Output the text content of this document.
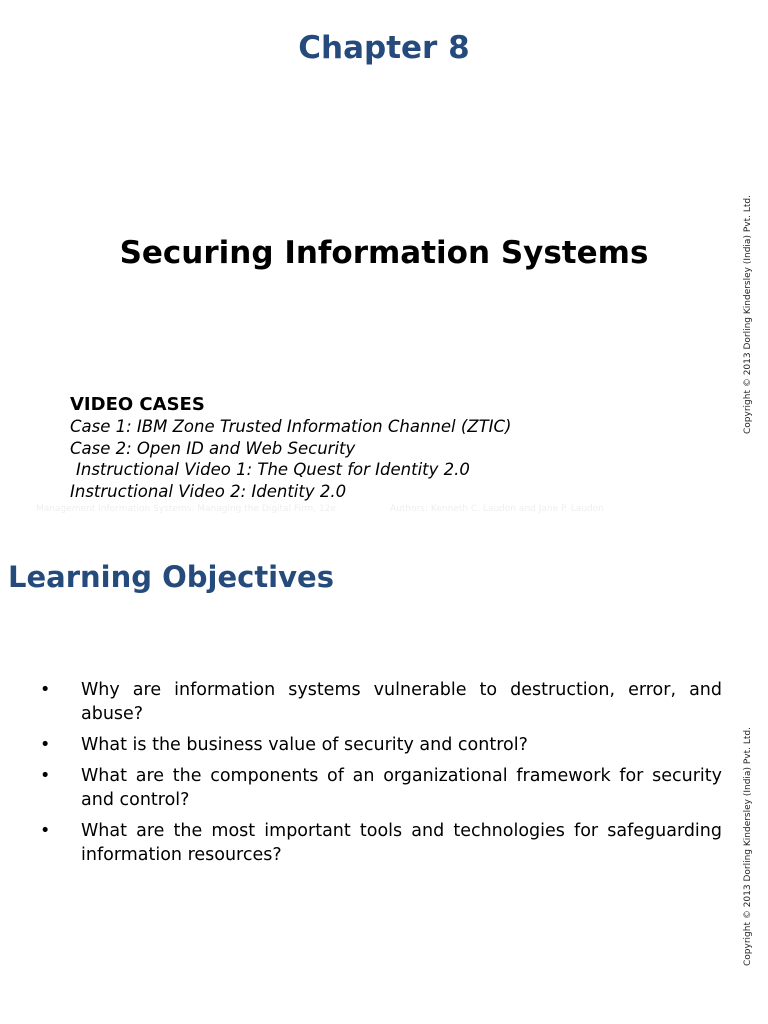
Chapter 8
Securing Information Systems
VIDEO CASES
Case 1: IBM Zone Trusted Information Channel (ZTIC)
Case 2: Open ID and Web Security
Instructional Video 1: The Quest for Identity 2.0
Instructional Video 2: Identity 2.0
Management Information Systems: Managing the Digital Firm, 12e	Authors: Kenneth C. Laudon and Jane P. Laudon
Copyright © 2013 Dorling Kindersley (India) Pvt. Ltd.
Learning Objectives
• Why are information systems vulnerable to destruction, error, and abuse?
• What is the business value of security and control?
• What are the components of an organizational framework for security and control?
• What are the most important tools and technologies for safeguarding information resources?	Copyright © 2013 Dorling Kindersley (India) Pvt. Ltd.
